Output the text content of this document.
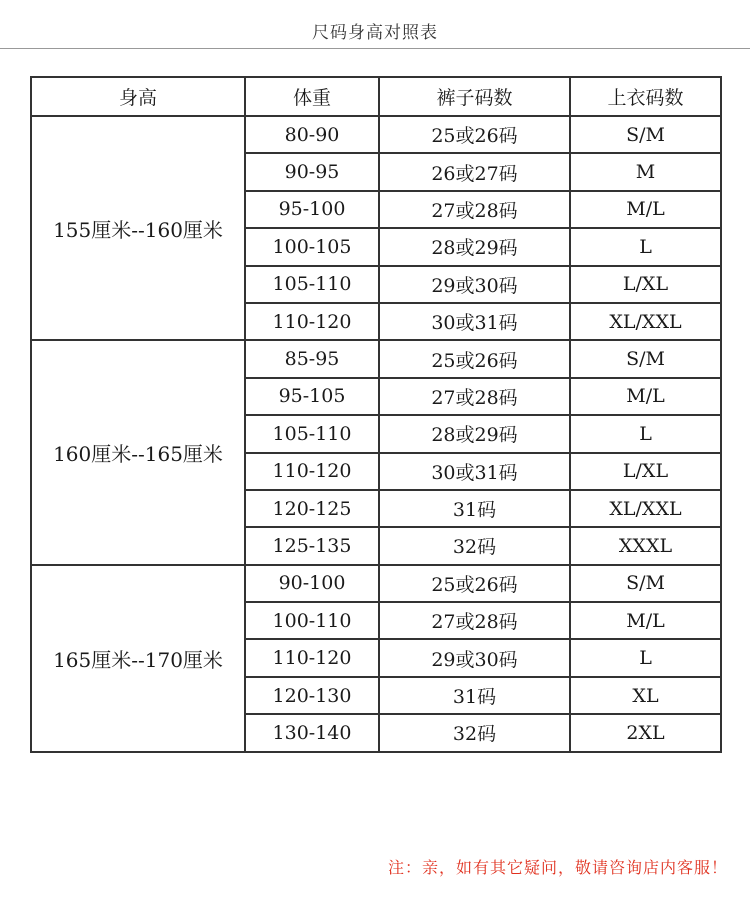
尺码身高对照表
身高	体重	裤子码数	上衣码数
155厘米--160厘米	80-90	25或26码	S/M
	90-95	26或27码	M
	95-100	27或28码	M/L
	100-105	28或29码	L
	105-110	29或30码	L/XL
	110-120	30或31码	XL/XXL
160厘米--165厘米	85-95	25或26码	S/M
	95-105	27或28码	M/L
	105-110	28或29码	L
	110-120	30或31码	L/XL
	120-125	31码	XL/XXL
	125-135	32码	XXXL
165厘米--170厘米	90-100	25或26码	S/M
	100-110	27或28码	M/L
	110-120	29或30码	L
	120-130	31码	XL
	130-140	32码	2XL
注：亲，如有其它疑问，敬请咨询店内客服！
